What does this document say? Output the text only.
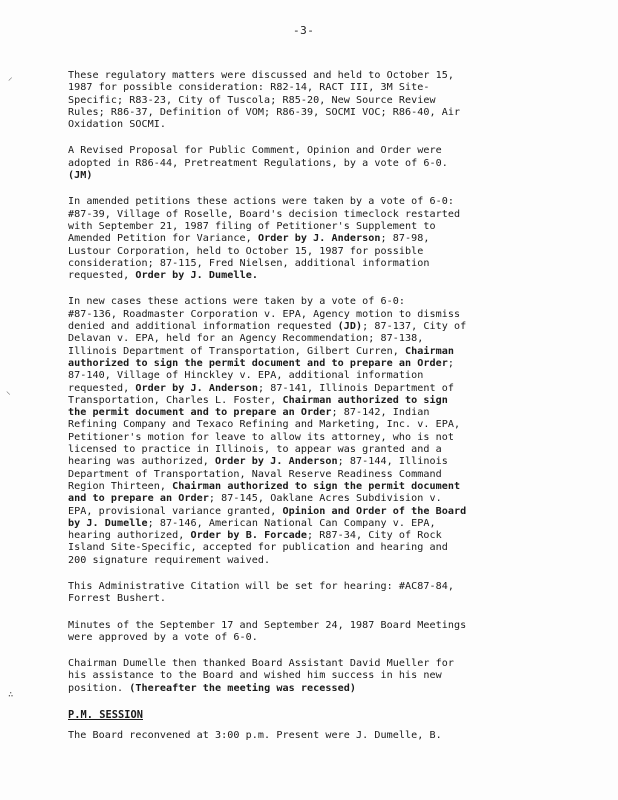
-3-
⸝
⸜
∴

These regulatory matters were discussed and held to October 15,
1987 for possible consideration: R82-14, RACT III, 3M Site-
Specific; R83-23, City of Tuscola; R85-20, New Source Review
Rules; R86-37, Definition of VOM; R86-39, SOCMI VOC; R86-40, Air
Oxidation SOCMI.

A Revised Proposal for Public Comment, Opinion and Order were
adopted in R86-44, Pretreatment Regulations, by a vote of 6-0.
(JM)

In amended petitions these actions were taken by a vote of 6-0:
#87-39, Village of Roselle, Board's decision timeclock restarted
with September 21, 1987 filing of Petitioner's Supplement to
Amended Petition for Variance, Order by J. Anderson; 87-98,
Lustour Corporation, held to October 15, 1987 for possible
consideration; 87-115, Fred Nielsen, additional information
requested, Order by J. Dumelle.

In new cases these actions were taken by a vote of 6-0:
#87-136, Roadmaster Corporation v. EPA, Agency motion to dismiss
denied and additional information requested (JD); 87-137, City of
Delavan v. EPA, held for an Agency Recommendation; 87-138,
Illinois Department of Transportation, Gilbert Curren, Chairman
authorized to sign the permit document and to prepare an Order;
87-140, Village of Hinckley v. EPA, additional information
requested, Order by J. Anderson; 87-141, Illinois Department of
Transportation, Charles L. Foster, Chairman authorized to sign
the permit document and to prepare an Order; 87-142, Indian
Refining Company and Texaco Refining and Marketing, Inc. v. EPA,
Petitioner's motion for leave to allow its attorney, who is not
licensed to practice in Illinois, to appear was granted and a
hearing was authorized, Order by J. Anderson; 87-144, Illinois
Department of Transportation, Naval Reserve Readiness Command
Region Thirteen, Chairman authorized to sign the permit document
and to prepare an Order; 87-145, Oaklane Acres Subdivision v.
EPA, provisional variance granted, Opinion and Order of the Board
by J. Dumelle; 87-146, American National Can Company v. EPA,
hearing authorized, Order by B. Forcade; R87-34, City of Rock
Island Site-Specific, accepted for publication and hearing and
200 signature requirement waived.

This Administrative Citation will be set for hearing: #AC87-84,
Forrest Bushert.

Minutes of the September 17 and September 24, 1987 Board Meetings
were approved by a vote of 6-0.

Chairman Dumelle then thanked Board Assistant David Mueller for
his assistance to the Board and wished him success in his new
position. (Thereafter the meeting was recessed)

P.M. SESSION

The Board reconvened at 3:00 p.m. Present were J. Dumelle, B.
